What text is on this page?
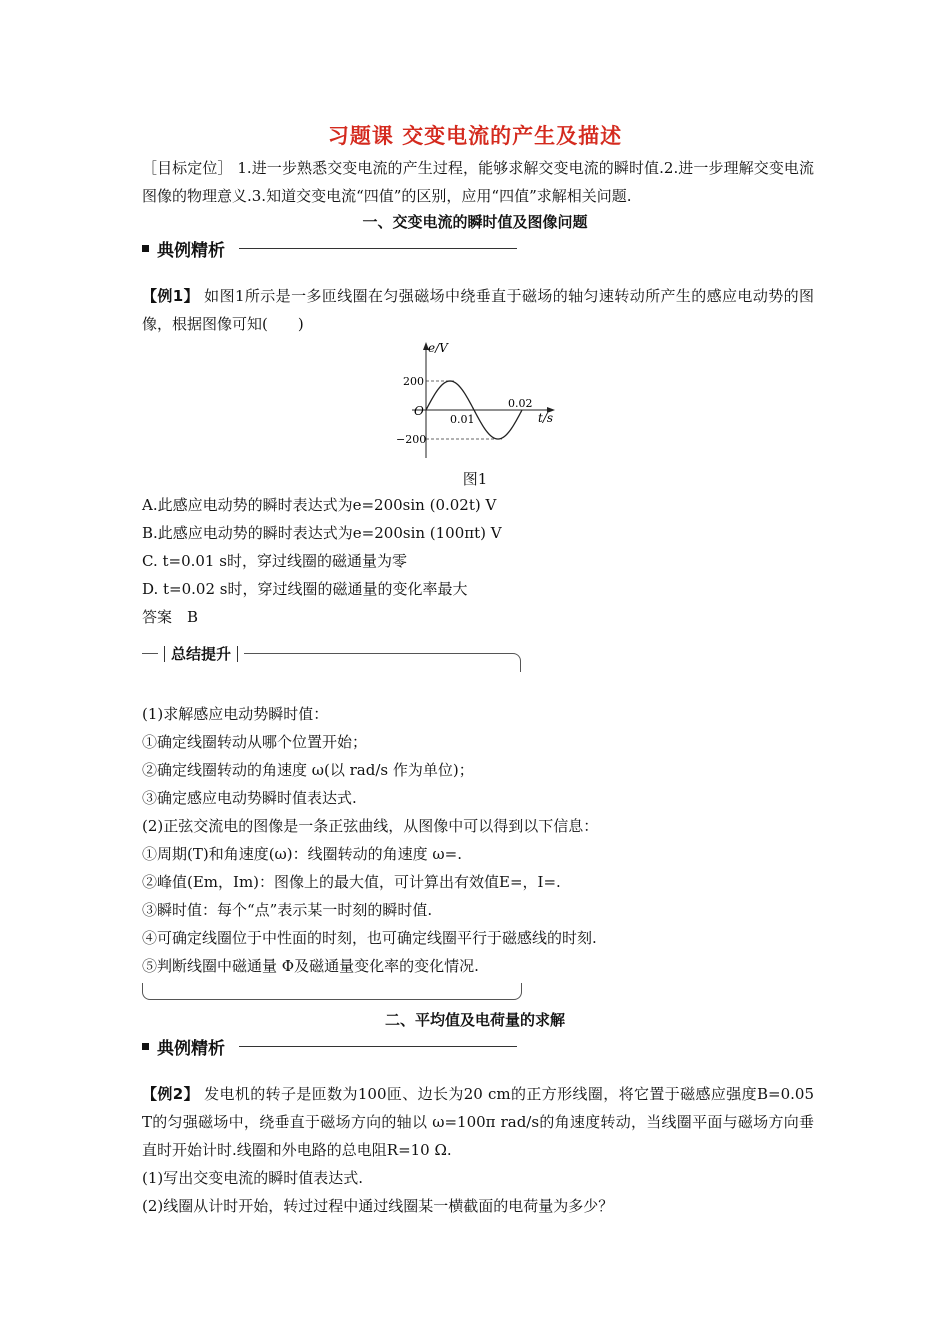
习题课 交变电流的产生及描述
［目标定位］ 1.进一步熟悉交变电流的产生过程，能够求解交变电流的瞬时值.2.进一步理解交变电流图像的物理意义.3.知道交变电流“四值”的区别，应用“四值”求解相关问题.
一、交变电流的瞬时值及图像问题
典例精析
【例1】 如图1所示是一多匝线圈在匀强磁场中绕垂直于磁场的轴匀速转动所产生的感应电动势的图像，根据图像可知(　　)
e/V
t/s
O
200
−200
0.01
0.02
图1
A.此感应电动势的瞬时表达式为e=200sin (0.02t) V
B.此感应电动势的瞬时表达式为e=200sin (100πt) V
C. t=0.01 s时，穿过线圈的磁通量为零
D. t=0.02 s时，穿过线圈的磁通量的变化率最大
答案　B
总结提升
(1)求解感应电动势瞬时值：
①确定线圈转动从哪个位置开始；
②确定线圈转动的角速度 ω(以 rad/s 作为单位)；
③确定感应电动势瞬时值表达式.
(2)正弦交流电的图像是一条正弦曲线，从图像中可以得到以下信息：
①周期(T)和角速度(ω)：线圈转动的角速度 ω=.
②峰值(Em，Im)：图像上的最大值，可计算出有效值E=，I=.
③瞬时值：每个“点”表示某一时刻的瞬时值.
④可确定线圈位于中性面的时刻，也可确定线圈平行于磁感线的时刻.
⑤判断线圈中磁通量 Φ及磁通量变化率的变化情况.
二、平均值及电荷量的求解
典例精析
【例2】 发电机的转子是匝数为100匝、边长为20 cm的正方形线圈，将它置于磁感应强度B=0.05 T的匀强磁场中，绕垂直于磁场方向的轴以 ω=100π rad/s的角速度转动，当线圈平面与磁场方向垂直时开始计时.线圈和外电路的总电阻R=10 Ω.
(1)写出交变电流的瞬时值表达式.
(2)线圈从计时开始，转过过程中通过线圈某一横截面的电荷量为多少？
